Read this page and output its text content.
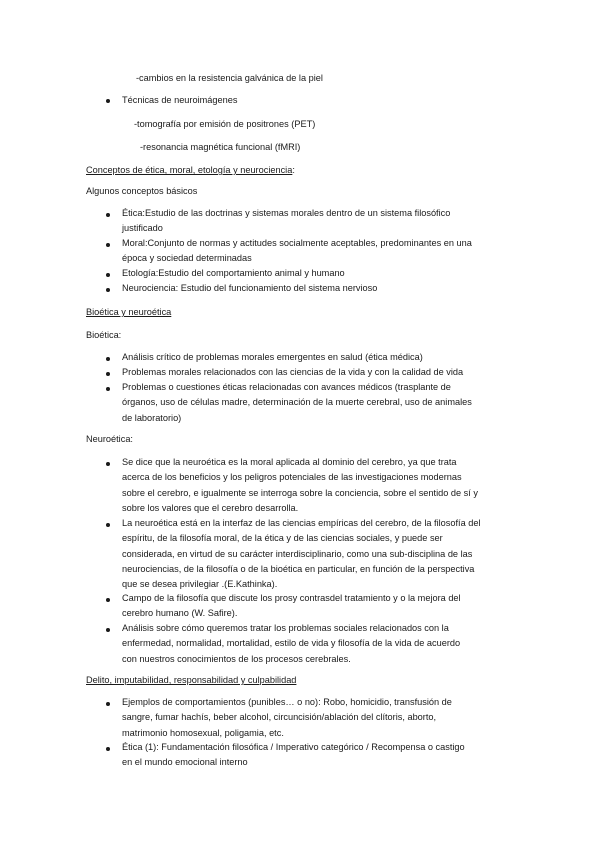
-cambios en la resistencia galvánica de la piel
Técnicas de neuroimágenes
-tomografía por emisión de positrones (PET)
-resonancia magnética funcional (fMRI)
Conceptos de ética, moral, etología y neurociencia:
Algunos conceptos básicos
Ética:Estudio de las doctrinas y sistemas morales dentro de un sistema filosófico
justificado
Moral:Conjunto de normas y actitudes socialmente aceptables, predominantes en una
época y sociedad determinadas
Etología:Estudio del comportamiento animal y humano
Neurociencia: Estudio del funcionamiento del sistema nervioso
Bioética y neuroética
Bioética:
Análisis crítico de problemas morales emergentes en salud (ética médica)
Problemas morales relacionados con las ciencias de la vida y con la calidad de vida
Problemas o cuestiones éticas relacionadas con avances médicos (trasplante de
órganos, uso de células madre, determinación de la muerte cerebral, uso de animales
de laboratorio)
Neuroética:
Se dice que la neuroética es la moral aplicada al dominio del cerebro, ya que trata
acerca de los beneficios y los peligros potenciales de las investigaciones modernas
sobre el cerebro, e igualmente se interroga sobre la conciencia, sobre el sentido de sí y
sobre los valores que el cerebro desarrolla.
La neuroética está en la interfaz de las ciencias empíricas del cerebro, de la filosofía del
espíritu, de la filosofía moral, de la ética y de las ciencias sociales, y puede ser
considerada, en virtud de su carácter interdisciplinario, como una sub-disciplina de las
neurociencias, de la filosofía o de la bioética en particular, en función de la perspectiva
que se desea privilegiar .(E.Kathinka).
Campo de la filosofía que discute los prosy contrasdel tratamiento y o la mejora del
cerebro humano (W. Safire).
Análisis sobre cómo queremos tratar los problemas sociales relacionados con la
enfermedad, normalidad, mortalidad, estilo de vida y filosofía de la vida de acuerdo
con nuestros conocimientos de los procesos cerebrales.
Delito, imputabilidad, responsabilidad y culpabilidad
Ejemplos de comportamientos (punibles… o no): Robo, homicidio, transfusión de
sangre, fumar hachís, beber alcohol, circuncisión/ablación del clítoris, aborto,
matrimonio homosexual, poligamia, etc.
Ética (1): Fundamentación filosófica / Imperativo categórico / Recompensa o castigo
en el mundo emocional interno
